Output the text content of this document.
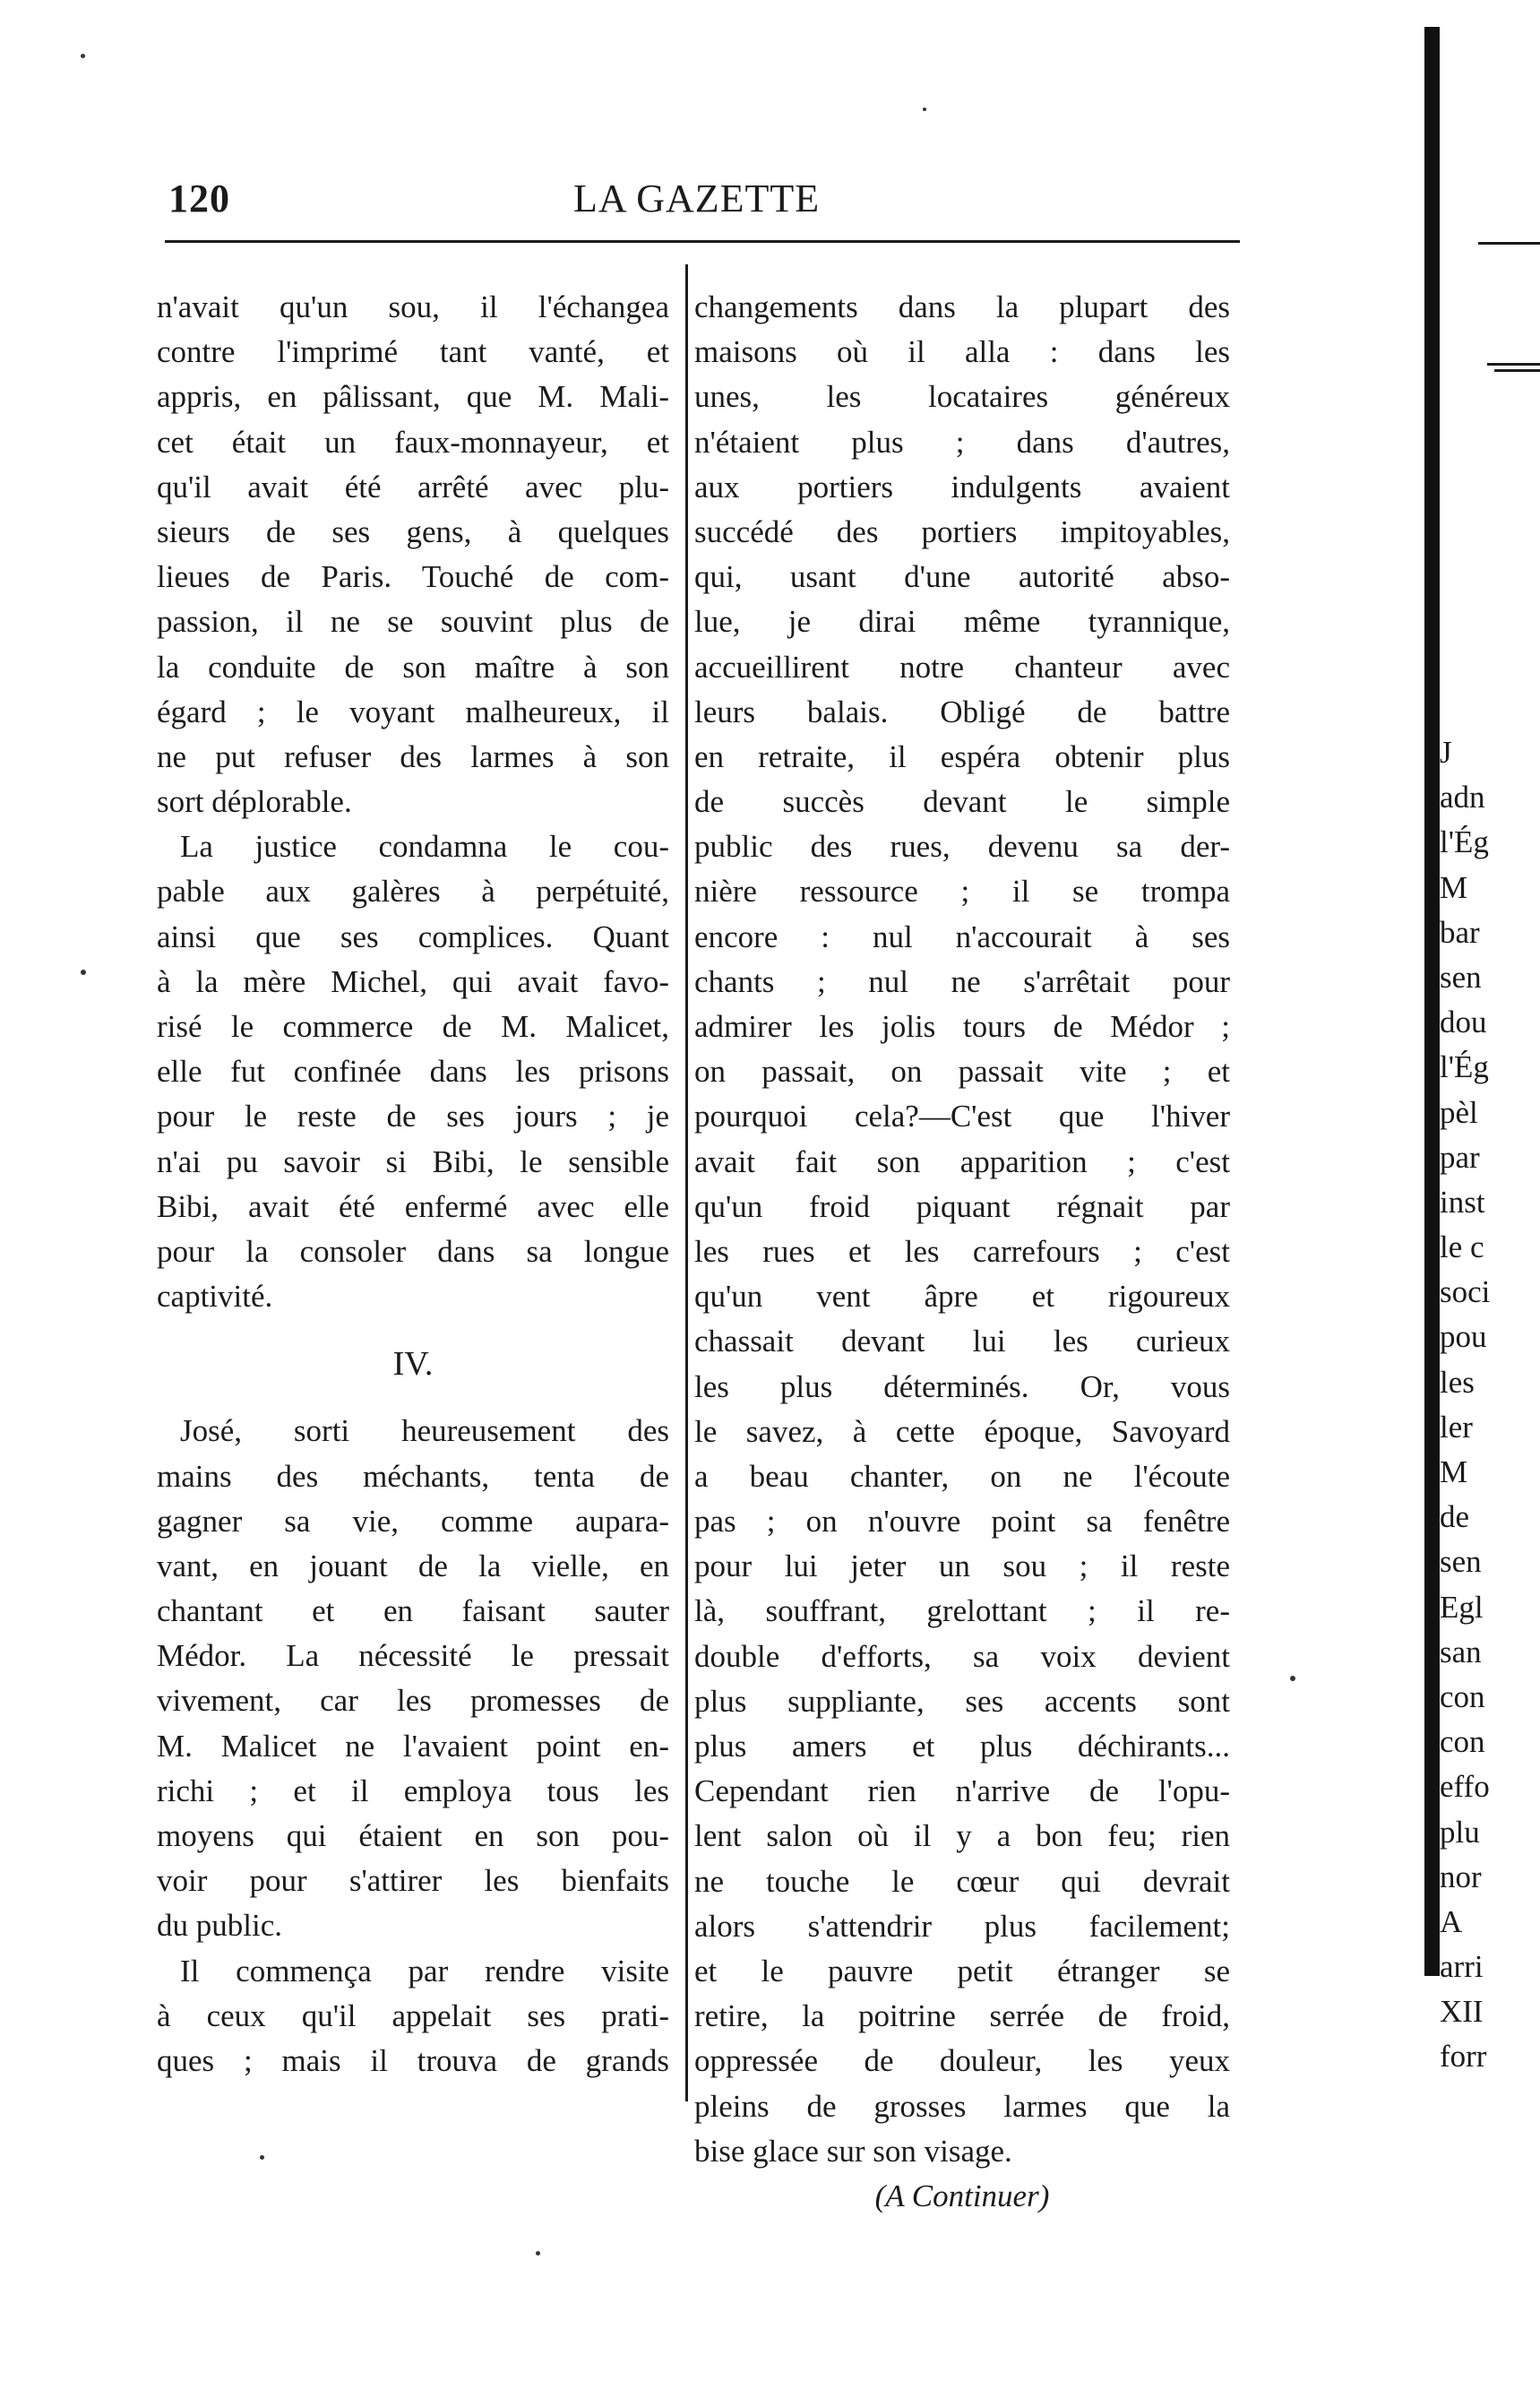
120	LA GAZETTE
n'avait qu'un sou, il l'échangea
contre l'imprimé tant vanté, et
appris, en pâlissant, que M. Mali-
cet était un faux-monnayeur, et
qu'il avait été arrêté avec plu-
sieurs de ses gens, à quelques
lieues de Paris. Touché de com-
passion, il ne se souvint plus de
la conduite de son maître à son
égard ; le voyant malheureux, il
ne put refuser des larmes à son
sort déplorable.
La justice condamna le cou-
pable aux galères à perpétuité,
ainsi que ses complices. Quant
à la mère Michel, qui avait favo-
risé le commerce de M. Malicet,
elle fut confinée dans les prisons
pour le reste de ses jours ; je
n'ai pu savoir si Bibi, le sensible
Bibi, avait été enfermé avec elle
pour la consoler dans sa longue
captivité.
IV.
José, sorti heureusement des
mains des méchants, tenta de
gagner sa vie, comme aupara-
vant, en jouant de la vielle, en
chantant et en faisant sauter
Médor. La nécessité le pressait
vivement, car les promesses de
M. Malicet ne l'avaient point en-
richi ; et il employa tous les
moyens qui étaient en son pou-
voir pour s'attirer les bienfaits
du public.
Il commença par rendre visite
à ceux qu'il appelait ses prati-
ques ; mais il trouva de grands
changements dans la plupart des
maisons où il alla : dans les
unes, les locataires généreux
n'étaient plus ; dans d'autres,
aux portiers indulgents avaient
succédé des portiers impitoyables,
qui, usant d'une autorité abso-
lue, je dirai même tyrannique,
accueillirent notre chanteur avec
leurs balais. Obligé de battre
en retraite, il espéra obtenir plus
de succès devant le simple
public des rues, devenu sa der-
nière ressource ; il se trompa
encore : nul n'accourait à ses
chants ; nul ne s'arrêtait pour
admirer les jolis tours de Médor ;
on passait, on passait vite ; et
pourquoi cela?—C'est que l'hiver
avait fait son apparition ; c'est
qu'un froid piquant régnait par
les rues et les carrefours ; c'est
qu'un vent âpre et rigoureux
chassait devant lui les curieux
les plus déterminés. Or, vous
le savez, à cette époque, Savoyard
a beau chanter, on ne l'écoute
pas ; on n'ouvre point sa fenêtre
pour lui jeter un sou ; il reste
là, souffrant, grelottant ; il re-
double d'efforts, sa voix devient
plus suppliante, ses accents sont
plus amers et plus déchirants...
Cependant rien n'arrive de l'opu-
lent salon où il y a bon feu; rien
ne touche le cœur qui devrait
alors s'attendrir plus facilement;
et le pauvre petit étranger se
retire, la poitrine serrée de froid,
oppressée de douleur, les yeux
pleins de grosses larmes que la
bise glace sur son visage.
(A Continuer)
J
adn
l'Ég
M
bar
sen
dou
l'Ég
pèl
par
inst
le c
soci
pou
les
ler
M
de
sen
Egl
san
con
con
effo
plu
nor
A
arri
XII
forr
